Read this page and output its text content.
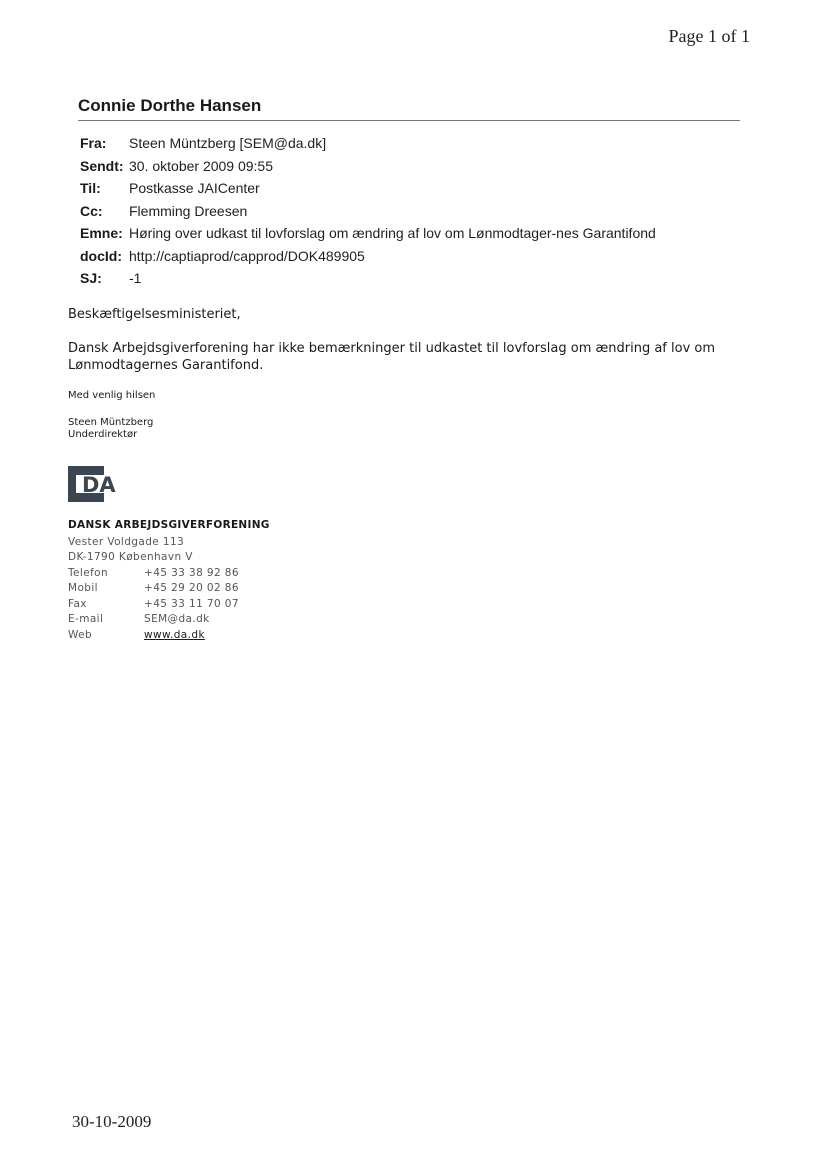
Page 1 of 1
Connie Dorthe Hansen
Fra:	Steen Müntzberg [SEM@da.dk]
Sendt:	30. oktober 2009 09:55
Til:	Postkasse JAICenter
Cc:	Flemming Dreesen
Emne:	Høring over udkast til lovforslag om ændring af lov om Lønmodtager-nes Garantifond
docId:	http://captiaprod/capprod/DOK489905
SJ:	-1
Beskæftigelsesministeriet,
Dansk Arbejdsgiverforening har ikke bemærkninger til udkastet til lovforslag om ændring af lov om Lønmodtagernes Garantifond.
Med venlig hilsen
Steen Müntzberg
Underdirektør
DA
DANSK ARBEJDSGIVERFORENING
Vester Voldgade 113
DK-1790 København V
Telefon	+45 33 38 92 86
Mobil	+45 29 20 02 86
Fax	+45 33 11 70 07
E-mail	SEM@da.dk
Web	www.da.dk
30-10-2009
